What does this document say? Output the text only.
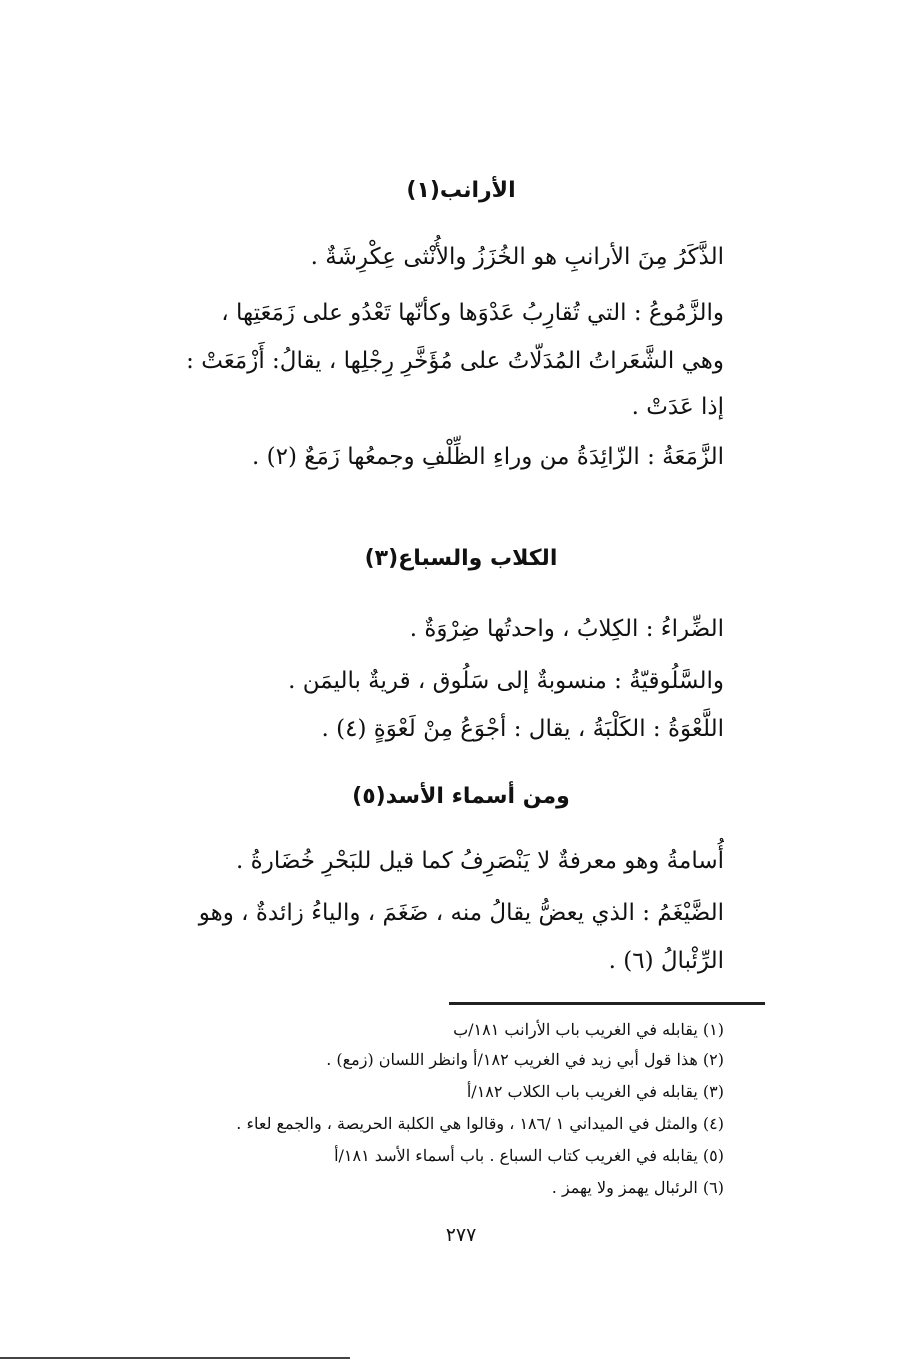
الأرانب(١)
الذَّكَرُ مِنَ الأرانبِ هو الخُزَزُ والأُنْثى عِكْرِشَةٌ .
والزَّمُوعُ : التي تُقارِبُ عَدْوَها وكأنّها تَعْدُو على زَمَعَتِها ،
وهي الشَّعَراتُ المُدَلّاتُ على مُؤَخَّرِ رِجْلِها ، يقالُ: أَزْمَعَتْ :
إذا عَدَتْ .
الزَّمَعَةُ : الزّائِدَةُ من وراءِ الظِّلْفِ وجمعُها زَمَعٌ (٢) .
الكلاب والسباع(٣)
الضِّراءُ : الكِلابُ ، واحدتُها ضِرْوَةٌ .
والسَّلُوقيّةُ : منسوبةٌ إلى سَلُوق ، قريةٌ باليمَن .
اللَّعْوَةُ : الكَلْبَةُ ، يقال : أجْوَعُ مِنْ لَعْوَةٍ (٤) .
ومن أسماء الأسد(٥)
أُسامةُ وهو معرفةٌ لا يَنْصَرِفُ كما قيل للبَحْرِ خُضَارةُ .
الضَّيْغَمُ : الذي يعضُّ يقالُ منه ، ضَغَمَ ، والياءُ زائدةٌ ، وهو
الرِّئْبالُ (٦) .
(١) يقابله في الغريب باب الأرانب ١٨١/ب
(٢) هذا قول أبي زيد في الغريب ١٨٢/أ وانظر اللسان (زمع) .
(٣) يقابله في الغريب باب الكلاب ١٨٢/أ
(٤) والمثل في الميداني ١ /١٨٦ ، وقالوا هي الكلبة الحريصة ، والجمع لعاء .
(٥) يقابله في الغريب كتاب السباع . باب أسماء الأسد ١٨١/أ
(٦) الرئبال يهمز ولا يهمز .
٢٧٧
